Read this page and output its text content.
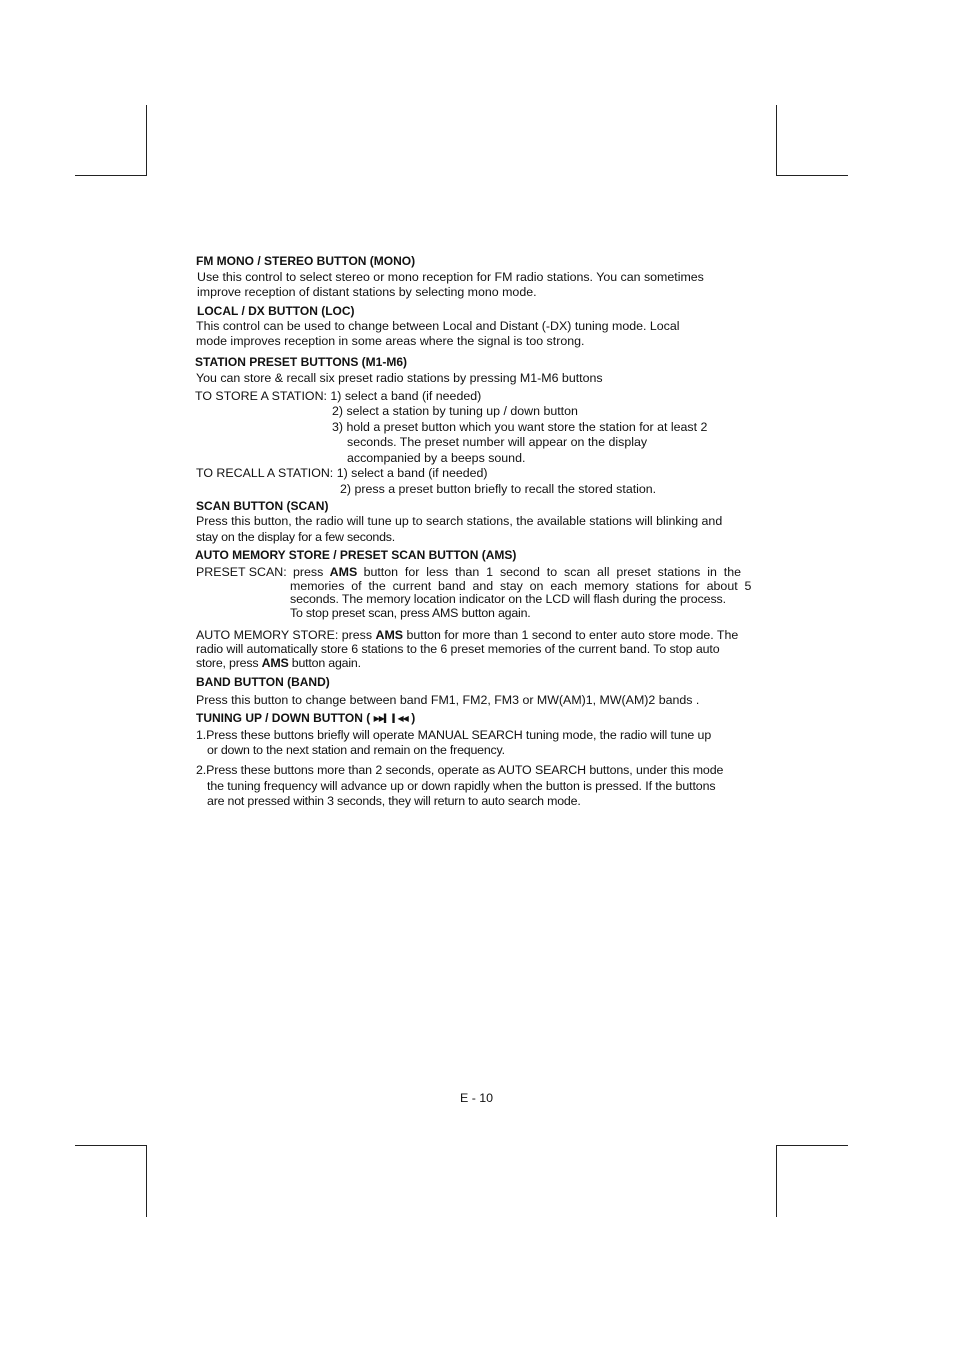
FM MONO / STEREO BUTTON (MONO)
Use this control to select stereo or mono reception for FM radio stations. You can sometimes
improve reception of distant stations by selecting mono mode.
LOCAL / DX BUTTON (LOC)
This control can be used to change between Local and Distant (-DX) tuning mode. Local
mode improves reception in some areas where the signal is too strong.
STATION PRESET BUTTONS (M1-M6)
You can store & recall six preset radio stations by pressing M1-M6 buttons
TO STORE A STATION: 1) select a band (if needed)
2) select a station by tuning up / down button
3) hold a preset button which you want store the station for at least 2
seconds. The preset number will appear on the display
accompanied by a beeps sound.
TO RECALL A STATION: 1) select a band (if needed)
2) press a preset button briefly to recall the stored station.
SCAN BUTTON (SCAN)
Press this button, the radio will tune up to search stations, the available stations will blinking and
stay on the display for a few seconds.
AUTO MEMORY STORE / PRESET SCAN BUTTON (AMS)
PRESET SCAN: press AMS button  for  less  than  1  second  to  scan  all  preset  stations  in  the
memories  of  the  current  band  and  stay  on  each  memory  stations  for  about  5
seconds. The memory location indicator on the LCD will flash during the process.
To stop preset scan, press AMS button again.
AUTO MEMORY STORE: press AMS button for more than 1 second to enter auto store mode. The
radio will automatically store 6 stations to the 6 preset memories of the current band. To stop auto
store, press AMS button again.
BAND BUTTON (BAND)
Press this button to change between band FM1, FM2, FM3 or MW(AM)1, MW(AM)2 bands .
TUNING UP / DOWN BUTTON ( ▶▶▍ ▍◀◀ )
1.Press these buttons briefly will operate MANUAL SEARCH tuning mode, the radio will tune up
or down to the next station and remain on the frequency.
2.Press these buttons more than 2 seconds, operate as AUTO SEARCH buttons, under this mode
the tuning frequency will advance up or down rapidly when the button is pressed. If the buttons
are not pressed within 3 seconds, they will return to auto search mode.
E - 10
